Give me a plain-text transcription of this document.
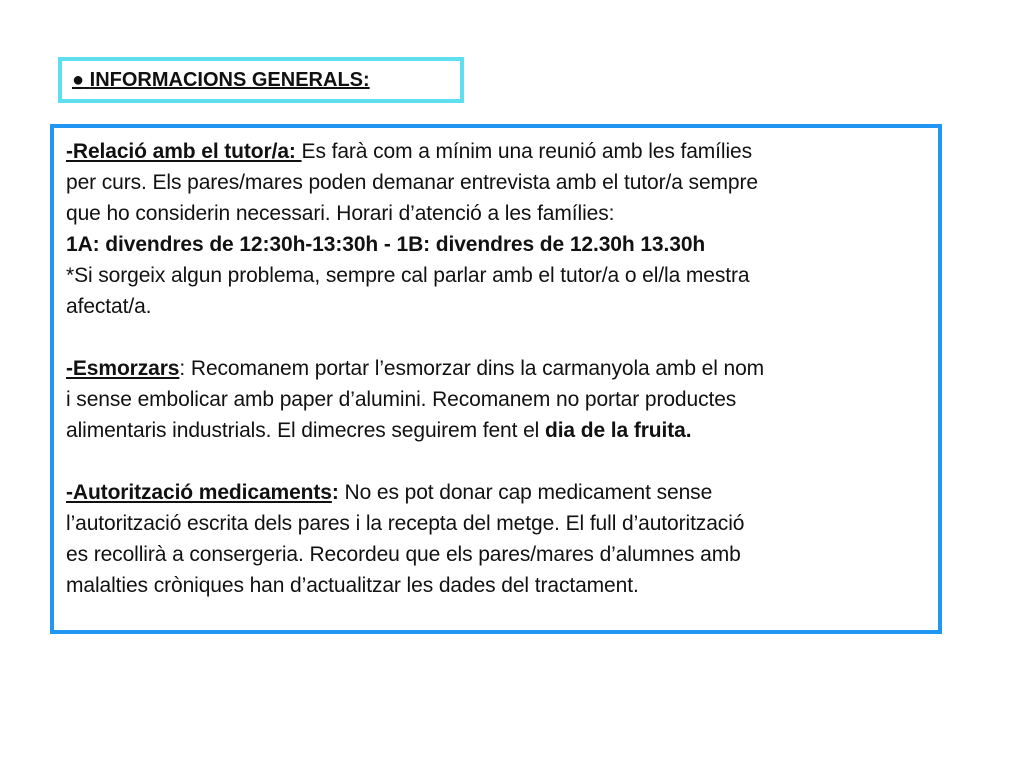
● INFORMACIONS GENERALS:
-Relació amb el tutor/a: Es farà com a mínim una reunió amb les famílies
per curs. Els pares/mares poden demanar entrevista amb el tutor/a sempre
que ho considerin necessari. Horari d’atenció a les famílies:
1A: divendres de 12:30h-13:30h - 1B: divendres de 12.30h 13.30h
*Si sorgeix algun problema, sempre cal parlar amb el tutor/a o el/la mestra
afectat/a.
-Esmorzars: Recomanem portar l’esmorzar dins la carmanyola amb el nom
i sense embolicar amb paper d’alumini. Recomanem no portar productes
alimentaris industrials. El dimecres seguirem fent el dia de la fruita.
-Autorització medicaments: No es pot donar cap medicament sense
l’autorització escrita dels pares i la recepta del metge. El full d’autorització
es recollirà a consergeria. Recordeu que els pares/mares d’alumnes amb
malalties cròniques han d’actualitzar les dades del tractament.
